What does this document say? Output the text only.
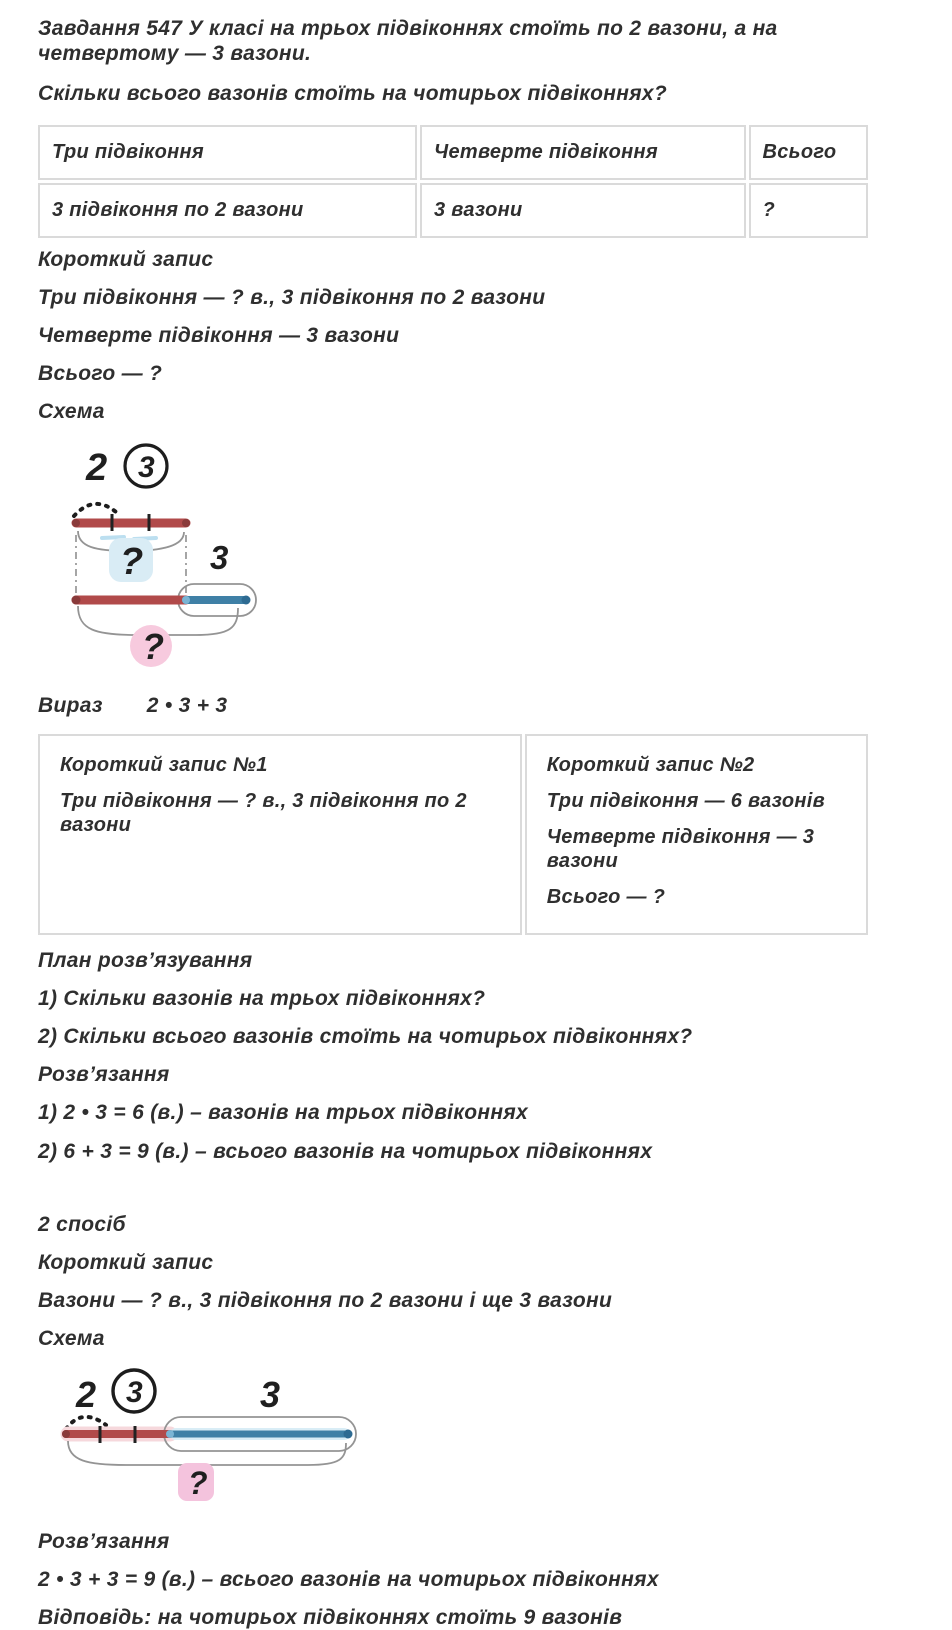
Завдання 547 У класі на трьох підвіконнях стоїть по 2 вазони, а на четвертому — 3 вазони.

Скільки всього вазонів стоїть на чотирьох підвіконнях?

Три підвіконня	Четверте підвіконня	Всього
3 підвіконня по 2 вазони	3 вазони	?

Короткий запис

Три підвіконня — ? в., 3 підвіконня по 2 вазони

Четверте підвіконня — 3 вазони

Всього — ?

Схема

2 3
? 3
?

Вираз 2 • 3 + 3

Короткий запис №1

Три підвіконня — ? в., 3 підвіконня по 2 вазони

Короткий запис №2

Три підвіконня — 6 вазонів

Четверте підвіконня — 3 вазони

Всього — ?

План розв’язування

1) Скільки вазонів на трьох підвіконнях?

2) Скільки всього вазонів стоїть на чотирьох підвіконнях?

Розв’язання

1) 2 • 3 = 6 (в.) – вазонів на трьох підвіконнях

2) 6 + 3 = 9 (в.) – всього вазонів на чотирьох підвіконнях

2 спосіб

Короткий запис

Вазони — ? в., 3 підвіконня по 2 вазони і ще 3 вазони

Схема

2 3	3
?

Розв’язання

2 • 3 + 3 = 9 (в.) – всього вазонів на чотирьох підвіконнях

Відповідь: на чотирьох підвіконнях стоїть 9 вазонів
